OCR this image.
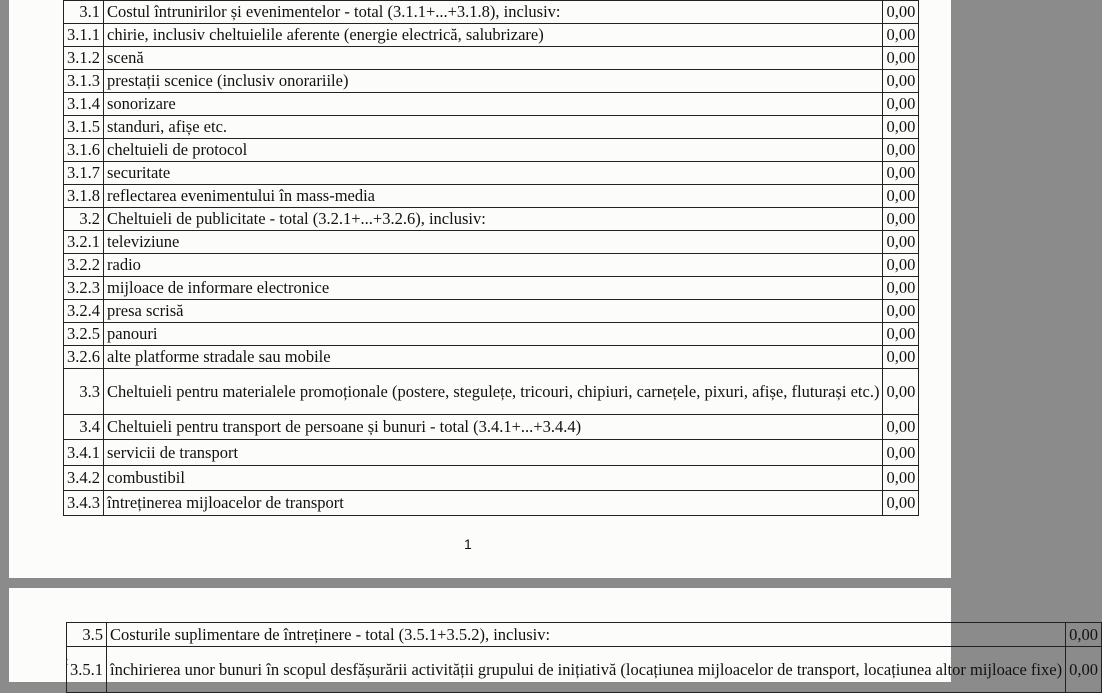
3.1	Costul întrunirilor și evenimentelor - total (3.1.1+...+3.1.8), inclusiv:	0,00
3.1.1	chirie, inclusiv cheltuielile aferente (energie electrică, salubrizare)	0,00
3.1.2	scenă	0,00
3.1.3	prestații scenice (inclusiv onorariile)	0,00
3.1.4	sonorizare	0,00
3.1.5	standuri, afișe etc.	0,00
3.1.6	cheltuieli de protocol	0,00
3.1.7	securitate	0,00
3.1.8	reflectarea evenimentului în mass-media	0,00
3.2	Cheltuieli de publicitate - total (3.2.1+...+3.2.6), inclusiv:	0,00
3.2.1	televiziune	0,00
3.2.2	radio	0,00
3.2.3	mijloace de informare electronice	0,00
3.2.4	presa scrisă	0,00
3.2.5	panouri	0,00
3.2.6	alte platforme stradale sau mobile	0,00
3.3	Cheltuieli pentru materialele promoționale (postere, stegulețe, tricouri, chipiuri, carnețele, pixuri, afișe, fluturași etc.)	0,00
3.4	Cheltuieli pentru transport de persoane și bunuri - total (3.4.1+...+3.4.4)	0,00
3.4.1	servicii de transport	0,00
3.4.2	combustibil	0,00
3.4.3	întreținerea mijloacelor de transport	0,00
1
:
3.5	Costurile suplimentare de întreținere - total (3.5.1+3.5.2), inclusiv:	0,00
3.5.1	închirierea unor bunuri în scopul desfășurării activității grupului de inițiativă (locațiunea mijloacelor de transport, locațiunea altor mijloace fixe)	0,00
